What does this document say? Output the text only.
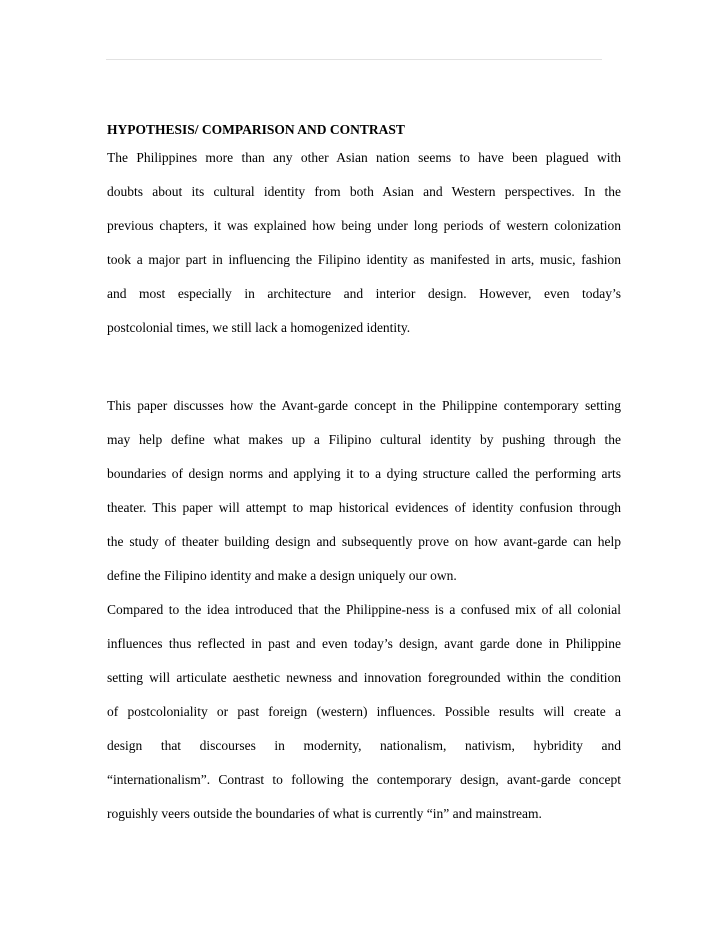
HYPOTHESIS/ COMPARISON AND CONTRAST
The Philippines more than any other Asian nation seems to have been plagued with
doubts about its cultural identity from both Asian and Western perspectives. In the
previous chapters, it was explained how being under long periods of western colonization
took a major part in influencing the Filipino identity as manifested in arts, music, fashion
and most especially in architecture and interior design. However, even today’s
postcolonial times, we still lack a homogenized identity.
This paper discusses how the Avant-garde concept in the Philippine contemporary setting
may help define what makes up a Filipino cultural identity by pushing through the
boundaries of design norms and applying it to a dying structure called the performing arts
theater. This paper will attempt to map historical evidences of identity confusion through
the study of theater building design and subsequently prove on how avant-garde can help
define the Filipino identity and make a design uniquely our own.
Compared to the idea introduced that the Philippine-ness is a confused mix of all colonial
influences thus reflected in past and even today’s design, avant garde done in Philippine
setting will articulate aesthetic newness and innovation foregrounded within the condition
of postcoloniality or past foreign (western) influences. Possible results will create a
design that discourses in modernity, nationalism, nativism, hybridity and
“internationalism”. Contrast to following the contemporary design, avant-garde concept
roguishly veers outside the boundaries of what is currently “in” and mainstream.
